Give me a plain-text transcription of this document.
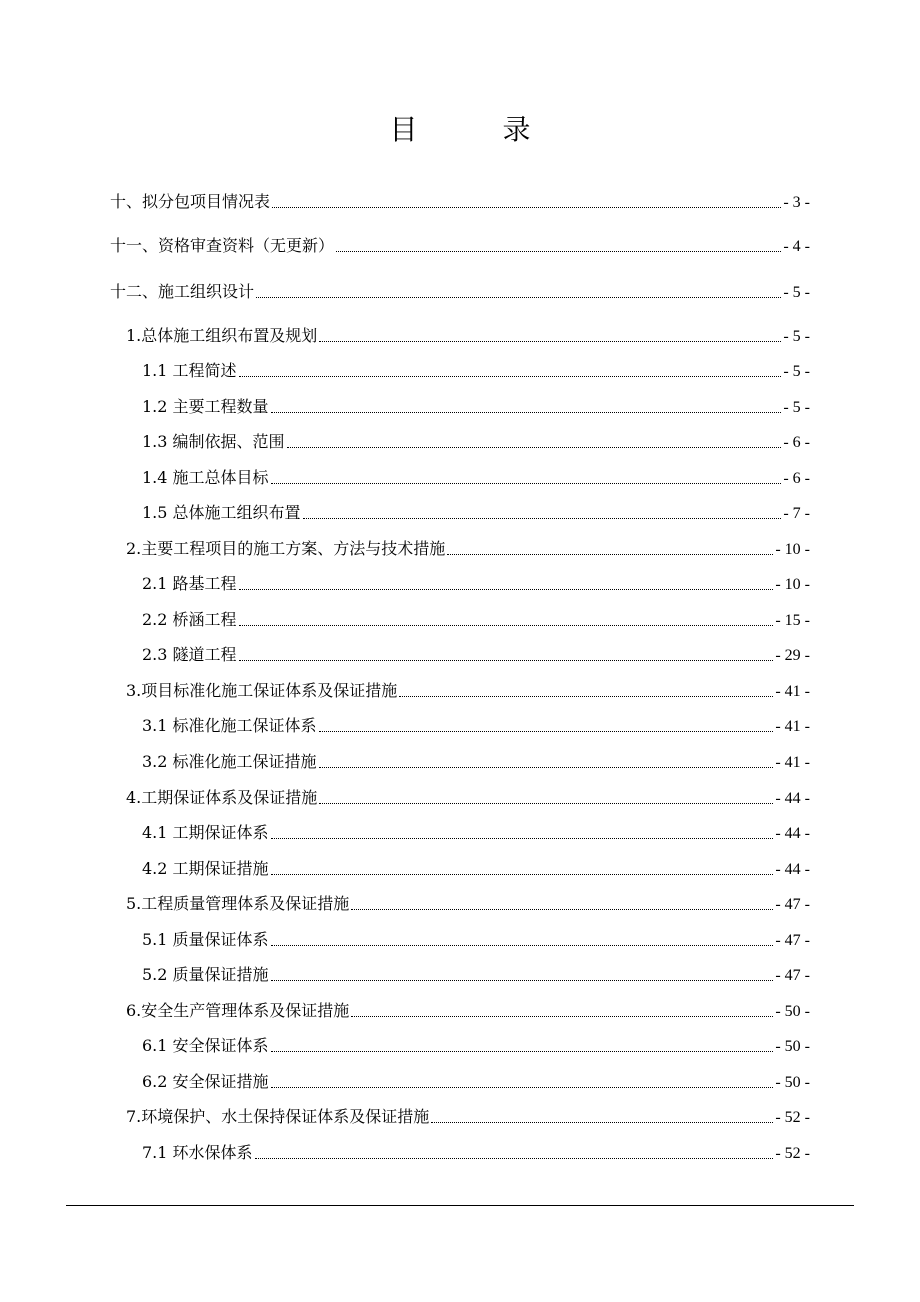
目 录
十、拟分包项目情况表	- 3 -
十一、资格审查资料（无更新）	- 4 -
十二、施工组织设计	- 5 -
1.总体施工组织布置及规划	- 5 -
1.1 工程简述	- 5 -
1.2 主要工程数量	- 5 -
1.3 编制依据、范围	- 6 -
1.4 施工总体目标	- 6 -
1.5 总体施工组织布置	- 7 -
2.主要工程项目的施工方案、方法与技术措施	- 10 -
2.1 路基工程	- 10 -
2.2 桥涵工程	- 15 -
2.3 隧道工程	- 29 -
3.项目标准化施工保证体系及保证措施	- 41 -
3.1 标准化施工保证体系	- 41 -
3.2 标准化施工保证措施	- 41 -
4.工期保证体系及保证措施	- 44 -
4.1 工期保证体系	- 44 -
4.2 工期保证措施	- 44 -
5.工程质量管理体系及保证措施	- 47 -
5.1 质量保证体系	- 47 -
5.2 质量保证措施	- 47 -
6.安全生产管理体系及保证措施	- 50 -
6.1 安全保证体系	- 50 -
6.2 安全保证措施	- 50 -
7.环境保护、水土保持保证体系及保证措施	- 52 -
7.1 环水保体系	- 52 -
